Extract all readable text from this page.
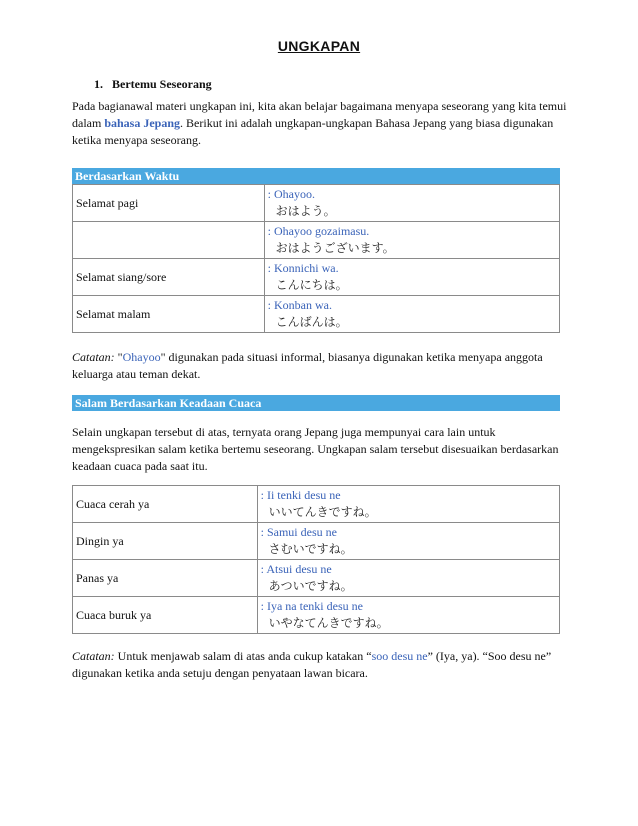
UNGKAPAN
1. Bertemu Seseorang
Pada bagianawal materi ungkapan ini, kita akan belajar bagaimana menyapa seseorang yang kita temui dalam bahasa Jepang. Berikut ini adalah ungkapan-ungkapan Bahasa Jepang yang biasa digunakan ketika menyapa seseorang.
Berdasarkan Waktu
Selamat pagi	: Ohayoo.
おはよう。

	: Ohayoo gozaimasu.
おはようございます。

Selamat siang/sore	: Konnichi wa.
こんにちは。

Selamat malam	: Konban wa.
こんばんは。
Catatan: "Ohayoo" digunakan pada situasi informal, biasanya digunakan ketika menyapa anggota keluarga atau teman dekat.
Salam Berdasarkan Keadaan Cuaca
Selain ungkapan tersebut di atas, ternyata orang Jepang juga mempunyai cara lain untuk mengekspresikan salam ketika bertemu seseorang. Ungkapan salam tersebut disesuaikan berdasarkan keadaan cuaca pada saat itu.
Cuaca cerah ya	: Ii tenki desu ne
いいてんきですね。

Dingin ya	: Samui desu ne
さむいですね。

Panas ya	: Atsui desu ne
あついですね。

Cuaca buruk ya	: Iya na tenki desu ne
いやなてんきですね。
Catatan: Untuk menjawab salam di atas anda cukup katakan “soo desu ne” (Iya, ya). “Soo desu ne” digunakan ketika anda setuju dengan penyataan lawan bicara.
